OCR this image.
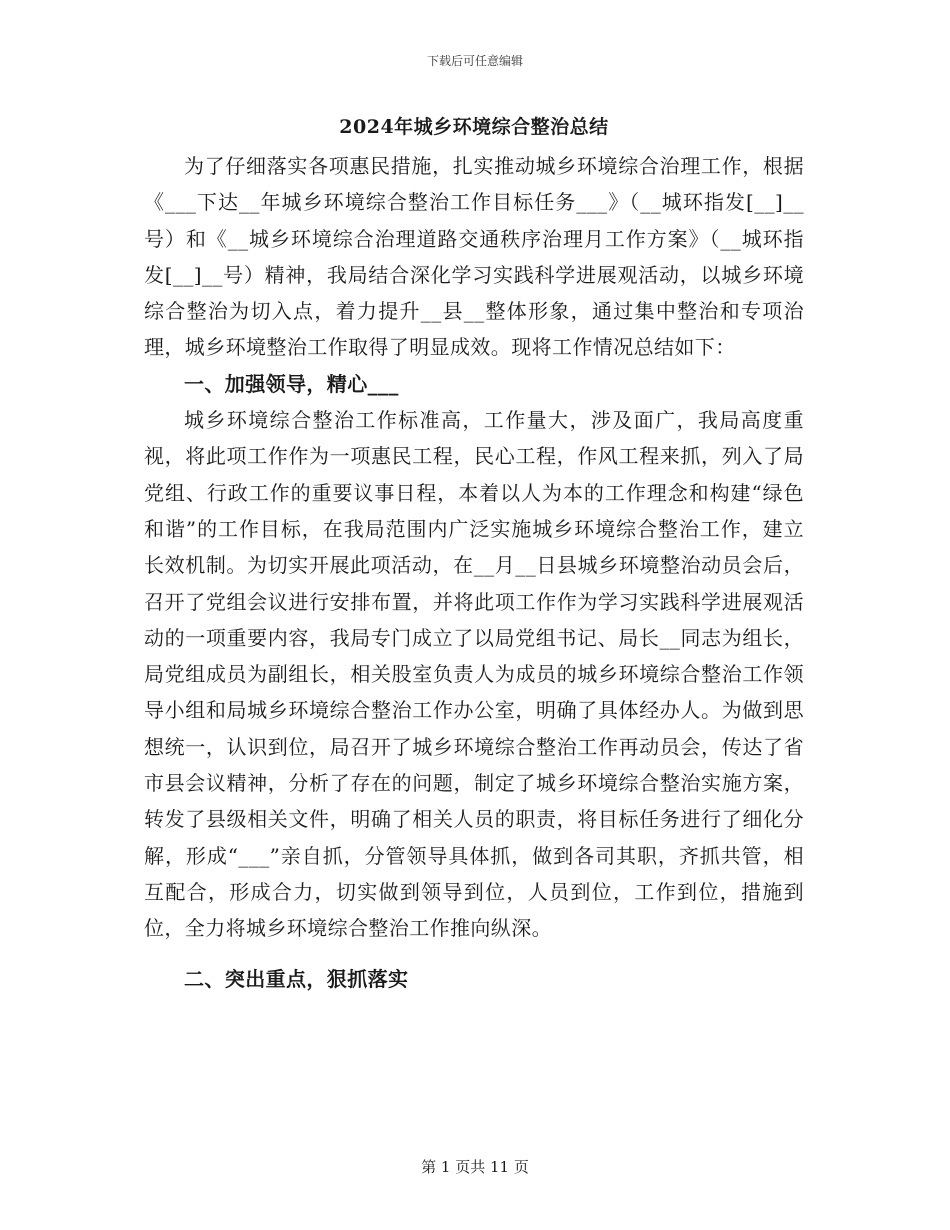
下载后可任意编辑
2024年城乡环境综合整治总结

为了仔细落实各项惠民措施，扎实推动城乡环境综合治理工作，根据《___下达__年城乡环境综合整治工作目标任务___》（__城环指发[__]__号）和《__城乡环境综合治理道路交通秩序治理月工作方案》（__城环指发[__]__号）精神，我局结合深化学习实践科学进展观活动，以城乡环境综合整治为切入点，着力提升__县__整体形象，通过集中整治和专项治理，城乡环境整治工作取得了明显成效。现将工作情况总结如下：

一、加强领导，精心___

城乡环境综合整治工作标准高，工作量大，涉及面广，我局高度重视，将此项工作作为一项惠民工程，民心工程，作风工程来抓，列入了局党组、行政工作的重要议事日程，本着以人为本的工作理念和构建“绿色和谐”的工作目标，在我局范围内广泛实施城乡环境综合整治工作，建立长效机制。为切实开展此项活动，在__月__日县城乡环境整治动员会后，召开了党组会议进行安排布置，并将此项工作作为学习实践科学进展观活动的一项重要内容，我局专门成立了以局党组书记、局长__同志为组长，局党组成员为副组长，相关股室负责人为成员的城乡环境综合整治工作领导小组和局城乡环境综合整治工作办公室，明确了具体经办人。为做到思想统一，认识到位，局召开了城乡环境综合整治工作再动员会，传达了省市县会议精神，分析了存在的问题，制定了城乡环境综合整治实施方案，转发了县级相关文件，明确了相关人员的职责，将目标任务进行了细化分解，形成“___”亲自抓，分管领导具体抓，做到各司其职，齐抓共管，相互配合，形成合力，切实做到领导到位，人员到位，工作到位，措施到位，全力将城乡环境综合整治工作推向纵深。

二、突出重点，狠抓落实

第 1 页共 11 页
